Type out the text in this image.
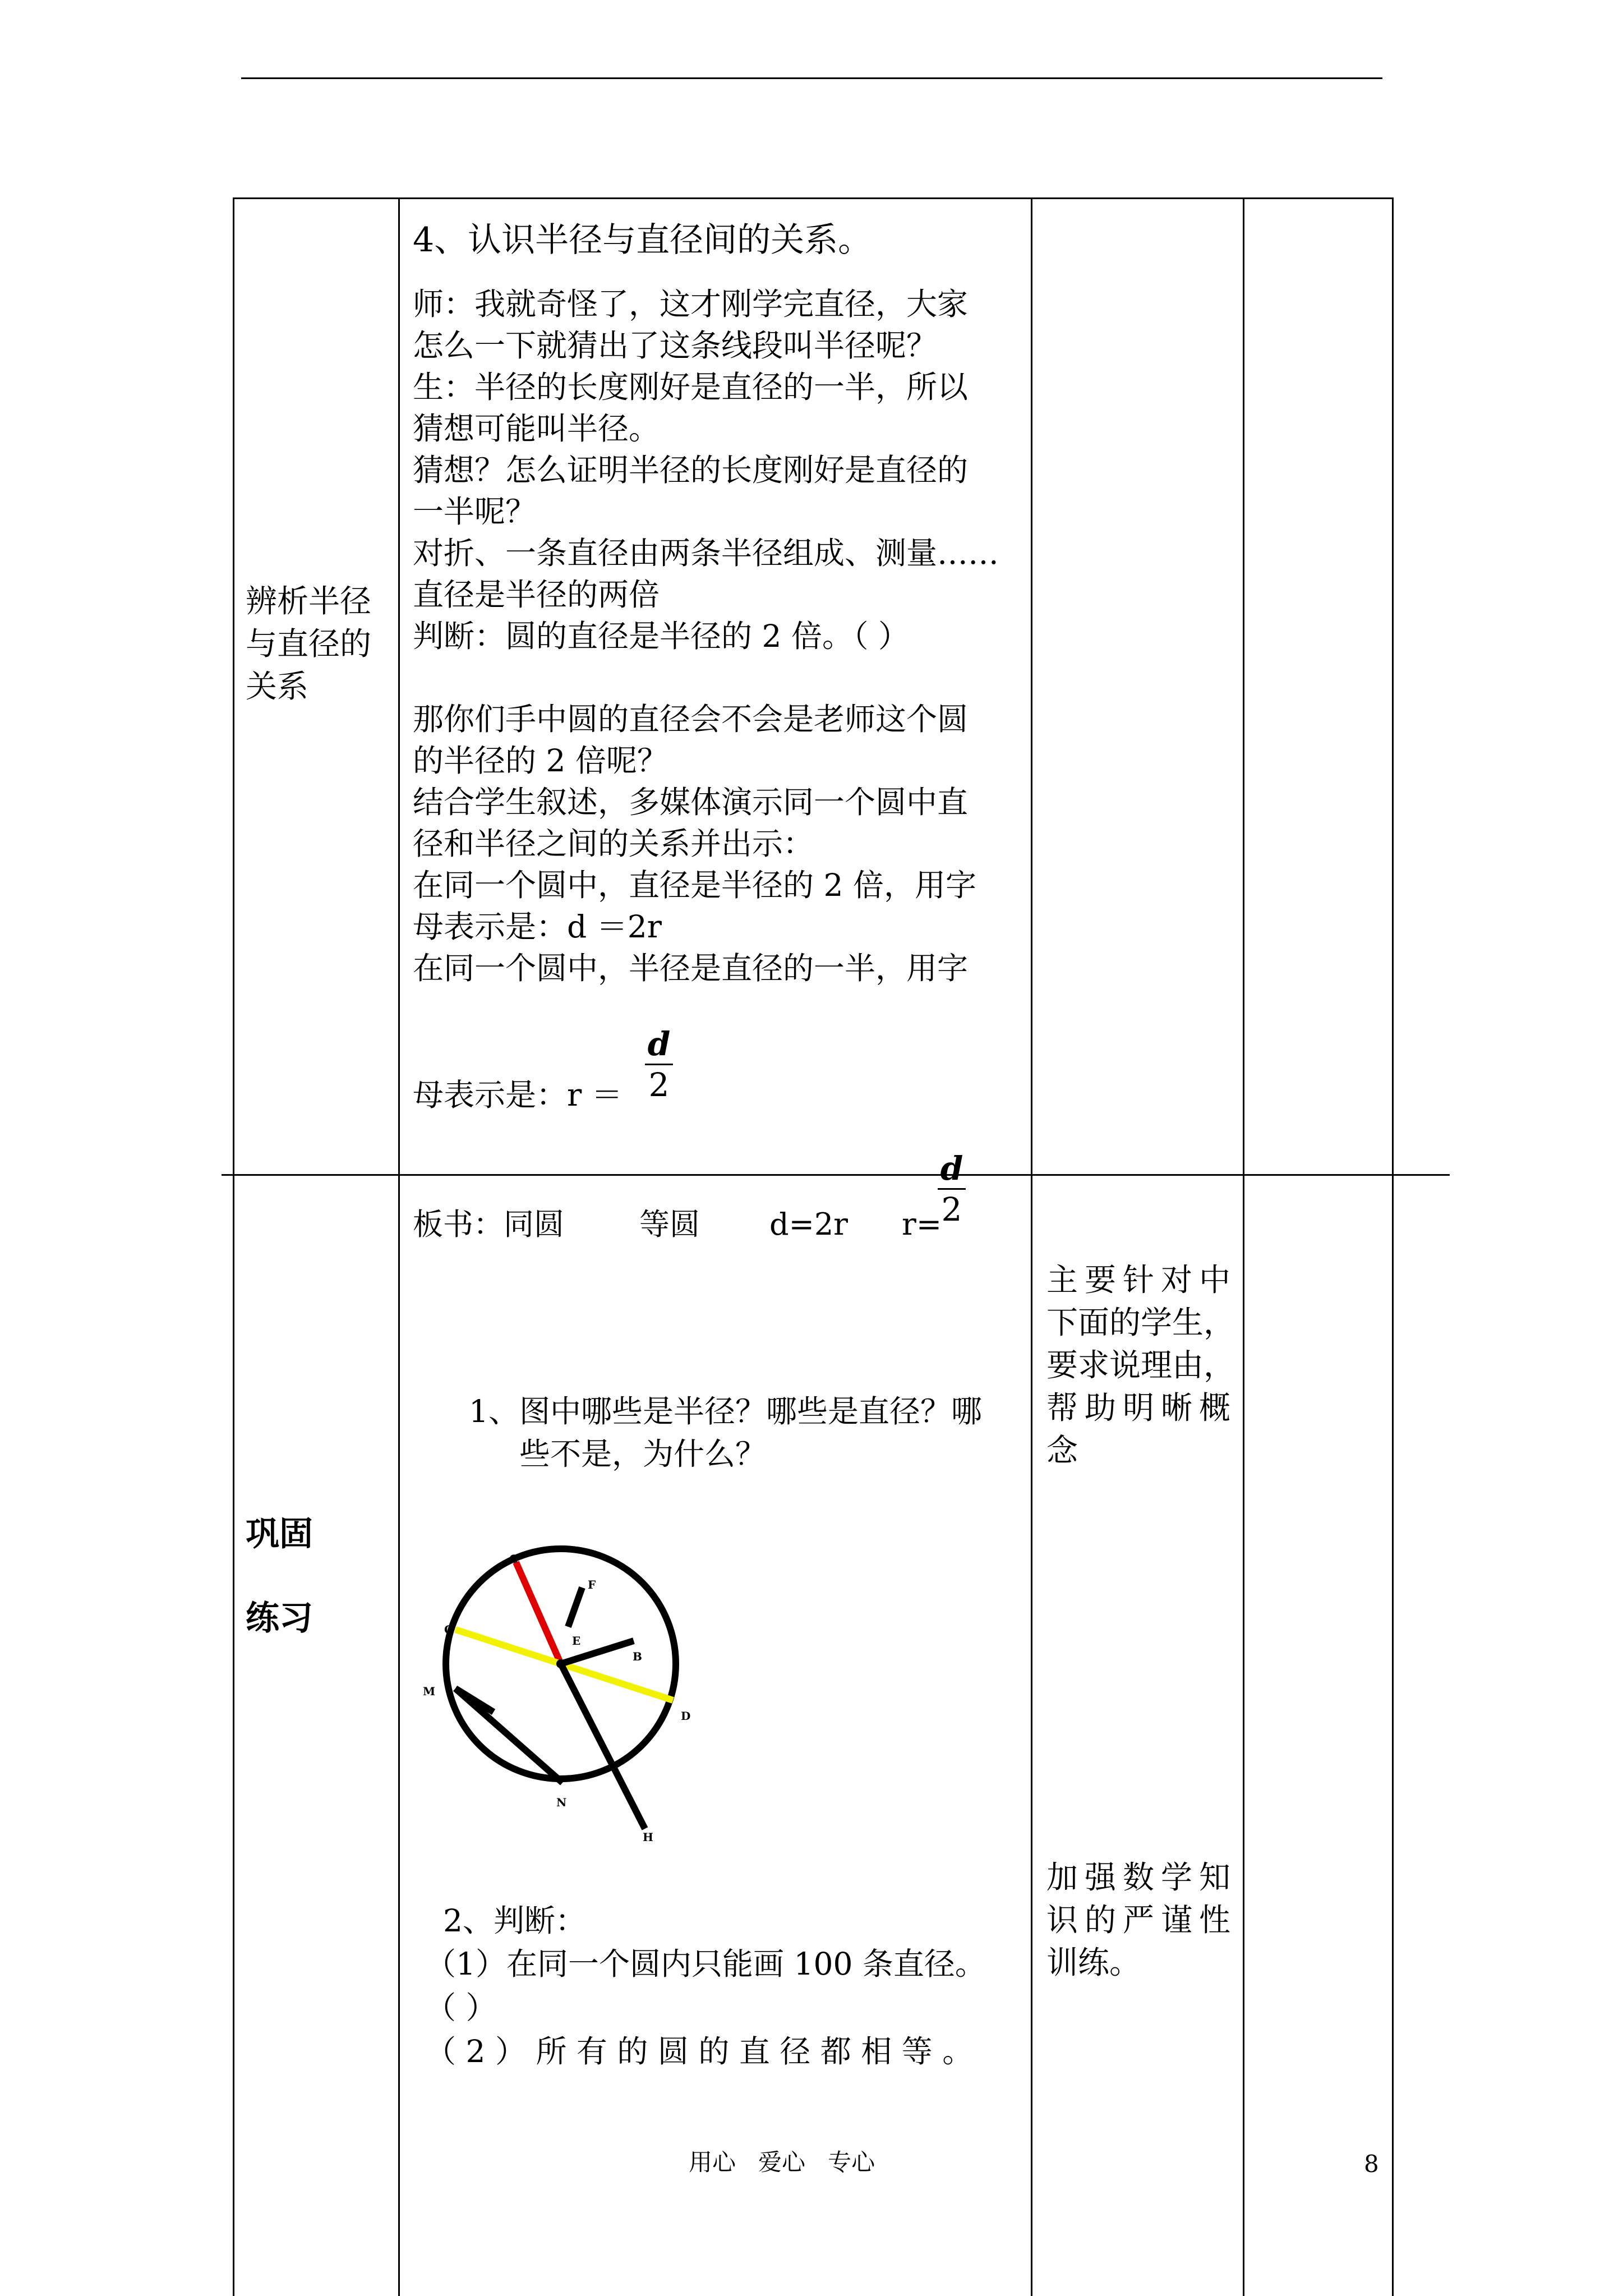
辨析半径
与直径的
关系
4、认识半径与直径间的关系。
师：我就奇怪了，这才刚学完直径，大家
怎么一下就猜出了这条线段叫半径呢？
生：半径的长度刚好是直径的一半，所以
猜想可能叫半径。
猜想？怎么证明半径的长度刚好是直径的
一半呢？
对折、一条直径由两条半径组成、测量……
直径是半径的两倍
判断：圆的直径是半径的 2 倍。（ ）
那你们手中圆的直径会不会是老师这个圆
的半径的 2 倍呢？
结合学生叙述，多媒体演示同一个圆中直
径和半径之间的关系并出示：
在同一个圆中，直径是半径的 2 倍，用字
母表示是：d ＝2r
在同一个圆中，半径是直径的一半，用字
母表示是：r ＝
d
2
巩固
练习
板书：同圆 等圆 d=2r r=
d
2
1、图中哪些是半径？哪些是直径？哪
些不是，为什么？
C
F
G
E
B
M
D
N
H
2、判断：
（1）在同一个圆内只能画 100 条直径。
（ ）
（ 2 ） 所 有 的 圆 的 直 径 都 相 等 。
主要针对中
下面的学生，
要求说理由，
帮助明晰概
念
加强数学知
识的严谨性
训练。
用心   爱心   专心	8
